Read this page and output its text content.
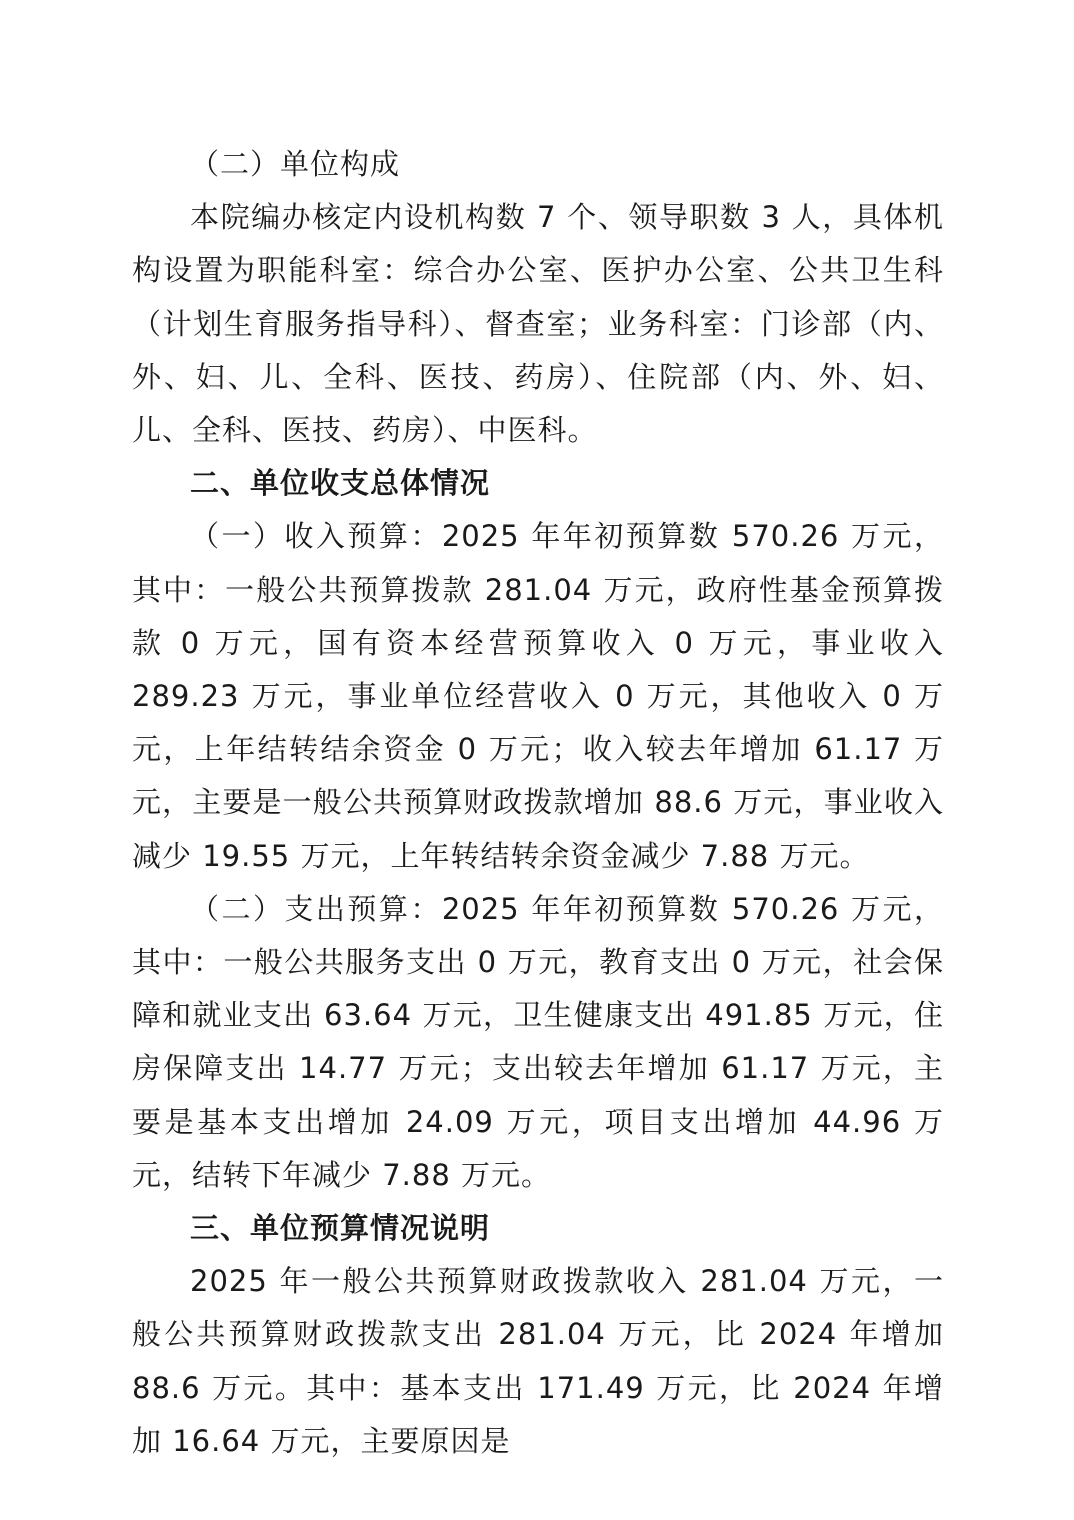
（二）单位构成

本院编办核定内设机构数 7 个、领导职数 3 人，具体机构设置为职能科室：综合办公室、医护办公室、公共卫生科（计划生育服务指导科）、督查室；业务科室：门诊部（内、外、妇、儿、全科、医技、药房）、住院部（内、外、妇、儿、全科、医技、药房）、中医科。

二、单位收支总体情况

（一）收入预算：2025 年年初预算数 570.26 万元，其中：一般公共预算拨款 281.04 万元，政府性基金预算拨款 0 万元，国有资本经营预算收入 0 万元，事业收入 289.23 万元，事业单位经营收入 0 万元，其他收入 0 万元，上年结转结余资金 0 万元；收入较去年增加 61.17 万元，主要是一般公共预算财政拨款增加 88.6 万元，事业收入减少 19.55 万元，上年转结转余资金减少 7.88 万元。

（二）支出预算：2025 年年初预算数 570.26 万元，其中：一般公共服务支出 0 万元，教育支出 0 万元，社会保障和就业支出 63.64 万元，卫生健康支出 491.85 万元，住房保障支出 14.77 万元；支出较去年增加 61.17 万元，主要是基本支出增加 24.09 万元，项目支出增加 44.96 万元，结转下年减少 7.88 万元。

三、单位预算情况说明

2025 年一般公共预算财政拨款收入 281.04 万元，一般公共预算财政拨款支出 281.04 万元，比 2024 年增加 88.6 万元。其中：基本支出 171.49 万元，比 2024 年增加 16.64 万元，主要原因是
